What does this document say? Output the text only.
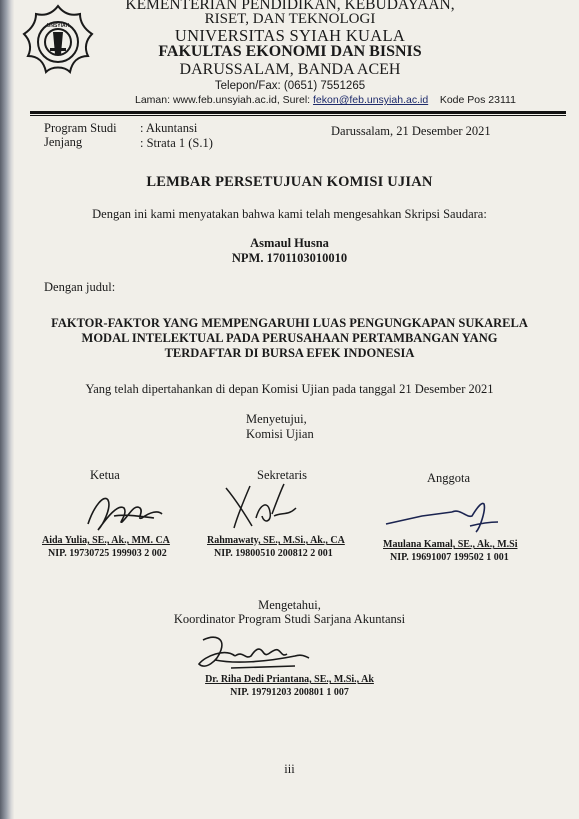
UNSYIAH
KEMENTERIAN PENDIDIKAN, KEBUDAYAAN,
RISET, DAN TEKNOLOGI
UNIVERSITAS SYIAH KUALA
FAKULTAS EKONOMI DAN BISNIS
DARUSSALAM, BANDA ACEH
Telepon/Fax: (0651) 7551265
Laman: www.feb.unsyiah.ac.id, Surel: fekon@feb.unsyiah.ac.id Kode Pos 23111
Program Studi : Akuntansi
Jenjang	: Strata 1 (S.1)
Darussalam, 21 Desember 2021
LEMBAR PERSETUJUAN KOMISI UJIAN
Dengan ini kami menyatakan bahwa kami telah mengesahkan Skripsi Saudara:
Asmaul Husna
NPM. 1701103010010
Dengan judul:
FAKTOR-FAKTOR YANG MEMPENGARUHI LUAS PENGUNGKAPAN SUKARELA
MODAL INTELEKTUAL PADA PERUSAHAAN PERTAMBANGAN YANG
TERDAFTAR DI BURSA EFEK INDONESIA
Yang telah dipertahankan di depan Komisi Ujian pada tanggal 21 Desember 2021
Menyetujui,
Komisi Ujian
Ketua	Sekretaris	Anggota
Aida Yulia, SE., Ak., MM. CA
NIP. 19730725 199903 2 002
Rahmawaty, SE., M.Si., Ak., CA
NIP. 19800510 200812 2 001
Maulana Kamal, SE., Ak., M.Si
NIP. 19691007 199502 1 001
Mengetahui,
Koordinator Program Studi Sarjana Akuntansi
Dr. Riha Dedi Priantana, SE., M.Si., Ak
NIP. 19791203 200801 1 007
iii
